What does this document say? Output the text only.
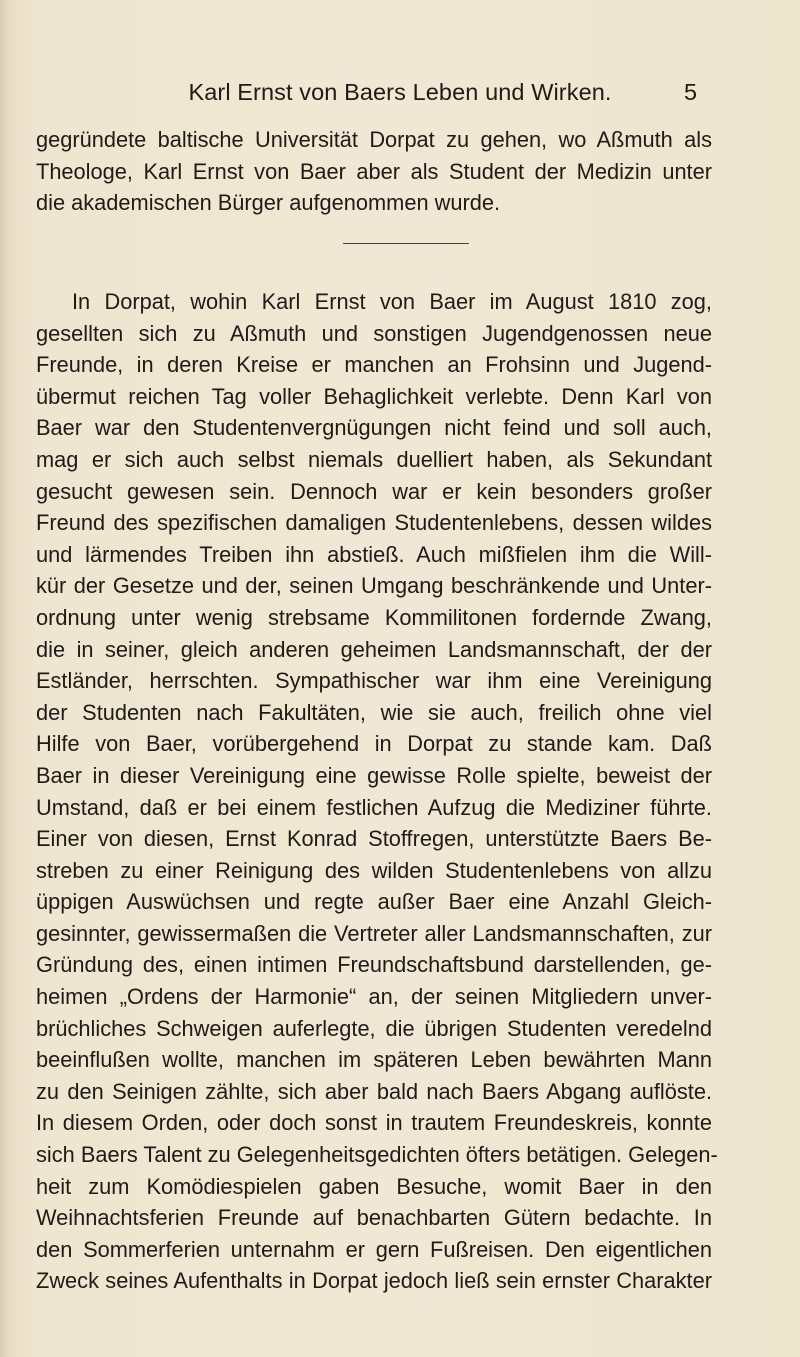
Karl Ernst von Baers Leben und Wirken.	5
gegründete baltische Universität Dorpat zu gehen, wo Aßmuth als
Theologe, Karl Ernst von Baer aber als Student der Medizin unter
die akademischen Bürger aufgenommen wurde.
In Dorpat, wohin Karl Ernst von Baer im August 1810 zog,
gesellten sich zu Aßmuth und sonstigen Jugendgenossen neue
Freunde, in deren Kreise er manchen an Frohsinn und Jugend-
übermut reichen Tag voller Behaglichkeit verlebte. Denn Karl von
Baer war den Studentenvergnügungen nicht feind und soll auch,
mag er sich auch selbst niemals duelliert haben, als Sekundant
gesucht gewesen sein. Dennoch war er kein besonders großer
Freund des spezifischen damaligen Studentenlebens, dessen wildes
und lärmendes Treiben ihn abstieß. Auch mißfielen ihm die Will-
kür der Gesetze und der, seinen Umgang beschränkende und Unter-
ordnung unter wenig strebsame Kommilitonen fordernde Zwang,
die in seiner, gleich anderen geheimen Landsmannschaft, der der
Estländer, herrschten. Sympathischer war ihm eine Vereinigung
der Studenten nach Fakultäten, wie sie auch, freilich ohne viel
Hilfe von Baer, vorübergehend in Dorpat zu stande kam. Daß
Baer in dieser Vereinigung eine gewisse Rolle spielte, beweist der
Umstand, daß er bei einem festlichen Aufzug die Mediziner führte.
Einer von diesen, Ernst Konrad Stoffregen, unterstützte Baers Be-
streben zu einer Reinigung des wilden Studentenlebens von allzu
üppigen Auswüchsen und regte außer Baer eine Anzahl Gleich-
gesinnter, gewissermaßen die Vertreter aller Landsmannschaften, zur
Gründung des, einen intimen Freundschaftsbund darstellenden, ge-
heimen „Ordens der Harmonie“ an, der seinen Mitgliedern unver-
brüchliches Schweigen auferlegte, die übrigen Studenten veredelnd
beeinflußen wollte, manchen im späteren Leben bewährten Mann
zu den Seinigen zählte, sich aber bald nach Baers Abgang auflöste.
In diesem Orden, oder doch sonst in trautem Freundeskreis, konnte
sich Baers Talent zu Gelegenheitsgedichten öfters betätigen. Gelegen-
heit zum Komödiespielen gaben Besuche, womit Baer in den
Weihnachtsferien Freunde auf benachbarten Gütern bedachte. In
den Sommerferien unternahm er gern Fußreisen. Den eigentlichen
Zweck seines Aufenthalts in Dorpat jedoch ließ sein ernster Charakter
